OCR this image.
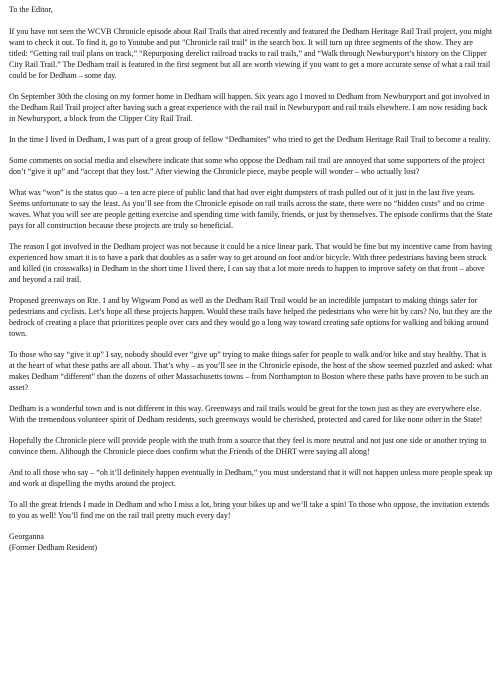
To the Editor,

If you have not seen the WCVB Chronicle episode about Rail Trails that aired recently and featured the Dedham Heritage Rail Trail project, you might want to check it out. To find it, go to Youtube and put "Chronicle rail trail" in the search box. It will turn up three segments of the show. They are titled: “Getting rail trail plans on track,” “Repurposing derelict railroad tracks to rail trails,” and “Walk through Newburyport’s history on the Clipper City Rail Trail.” The Dedham trail is featured in the first segment but all are worth viewing if you want to get a more accurate sense of what a rail trail could be for Dedham – some day.

On September 30th the closing on my former home in Dedham will happen. Six years ago I moved to Dedham from Newburyport and got involved in the Dedham Rail Trail project after having such a great experience with the rail trail in Newburyport and rail trails elsewhere. I am now residing back in Newburyport, a block from the Clipper City Rail Trail.

In the time I lived in Dedham, I was part of a great group of fellow “Dedhamites” who tried to get the Dedham Heritage Rail Trail to become a reality.

Some comments on social media and elsewhere indicate that some who oppose the Dedham rail trail are annoyed that some supporters of the project don’t “give it up” and “accept that they lost.” After viewing the Chronicle piece, maybe people will wonder – who actually lost?

What was “won” is the status quo – a ten acre piece of public land that had over eight dumpsters of trash pulled out of it just in the last five years. Seems unfortunate to say the least. As you’ll see from the Chronicle episode on rail trails across the state, there were no “hidden costs” and no crime waves. What you will see are people getting exercise and spending time with family, friends, or just by themselves. The episode confirms that the State pays for all construction because these projects are truly so beneficial.

The reason I got involved in the Dedham project was not because it could be a nice linear park. That would be fine but my incentive came from having experienced how smart it is to have a park that doubles as a safer way to get around on foot and/or bicycle. With three pedestrians having been struck and killed (in crosswalks) in Dedham in the short time I lived there, I can say that a lot more needs to happen to improve safety on that front – above and beyond a rail trail.

Proposed greenways on Rte. 1 and by Wigwam Pond as well as the Dedham Rail Trail would be an incredible jumpstart to making things safer for pedestrians and cyclists. Let’s hope all these projects happen. Would these trails have helped the pedestrians who were hit by cars? No, but they are the bedrock of creating a place that prioritizes people over cars and they would go a long way toward creating safe options for walking and biking around town.

To those who say “give it up” I say, nobody should ever “give up” trying to make things safer for people to walk and/or bike and stay healthy. That is at the heart of what these paths are all about. That’s why – as you’ll see in the Chronicle episode, the host of the show seemed puzzled and asked: what makes Dedham “different” than the dozens of other Massachusetts towns – from Northampton to Boston where these paths have proven to be such an asset?

Dedham is a wonderful town and is not different in this way. Greenways and rail trails would be great for the town just as they are everywhere else. With the tremendous volunteer spirit of Dedham residents, such greenways would be cherished, protected and cared for like none other in the State!

Hopefully the Chronicle piece will provide people with the truth from a source that they feel is more neutral and not just one side or another trying to convince them. Although the Chronicle piece does confirm what the Friends of the DHRT were saying all along!

And to all those who say – “oh it’ll definitely happen eventually in Dedham,” you must understand that it will not happen unless more people speak up and work at dispelling the myths around the project.

To all the great friends I made in Dedham and who I miss a lot, bring your bikes up and we’ll take a spin! To those who oppose, the invitation extends to you as well! You’ll find me on the rail trail pretty much every day!

Georganna
(Former Dedham Resident)
